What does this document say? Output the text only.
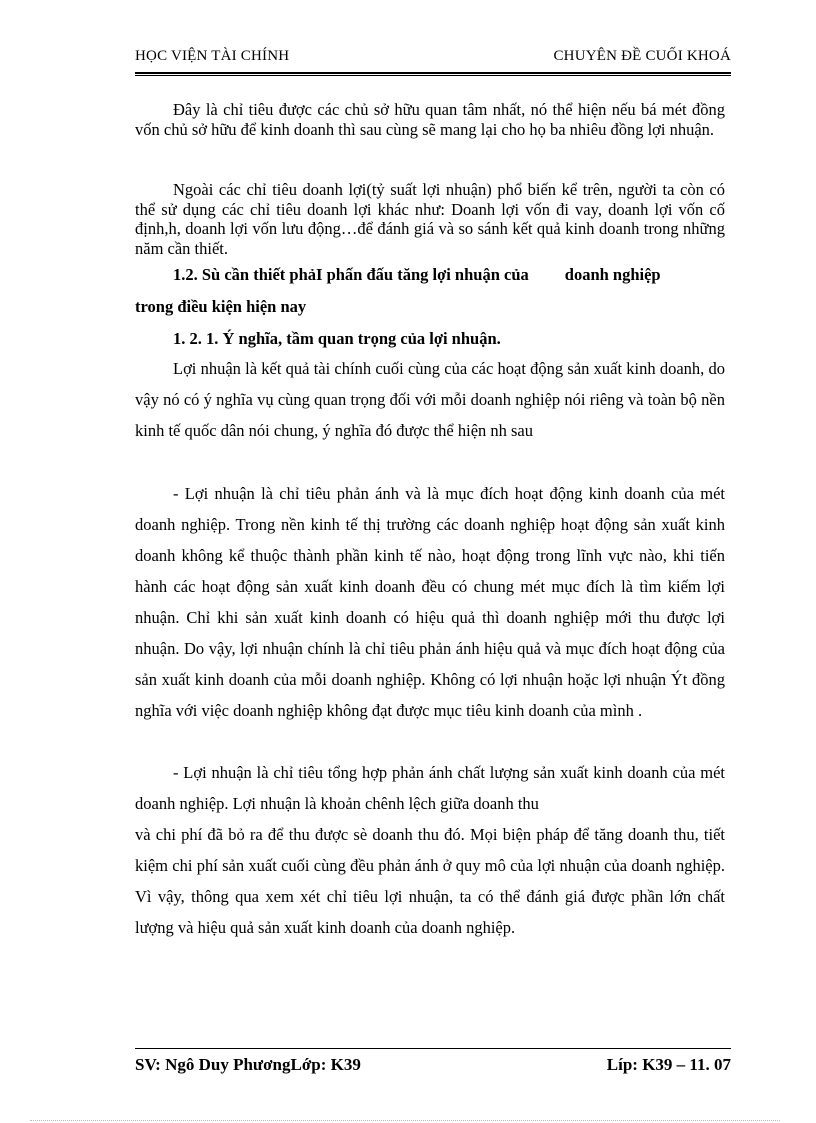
HỌC VIỆN TÀI CHÍNH	CHUYÊN ĐỀ CUỐI KHOÁ
Đây là chỉ tiêu được các chủ sở hữu quan tâm nhất, nó thể hiện nếu bá mét đồng vốn chủ sở hữu để kinh doanh thì sau cùng sẽ mang lại cho họ ba nhiêu đồng lợi nhuận.
Ngoài các chỉ tiêu doanh lợi(tỷ suất lợi nhuận) phổ biến kể trên, người ta còn có thể sử dụng các chỉ tiêu doanh lợi khác như: Doanh lợi vốn đi vay, doanh lợi vốn cố định,h, doanh lợi vốn lưu động…để đánh giá và so sánh kết quả kinh doanh trong những năm cần thiết.
1.2. Sù cần thiết phảI phấn đấu tăng lợi nhuận của doanh nghiệp
trong điều kiện hiện nay
1. 2. 1. Ý nghĩa, tầm quan trọng của lợi nhuận.
Lợi nhuận là kết quả tài chính cuối cùng của các hoạt động sản xuất kinh doanh, do vậy nó có ý nghĩa vụ cùng quan trọng đối với mỗi doanh nghiệp nói riêng và toàn bộ nền kinh tế quốc dân nói chung, ý nghĩa đó được thể hiện nh sau
- Lợi nhuận là chỉ tiêu phản ánh và là mục đích hoạt động kinh doanh của mét doanh nghiệp. Trong nền kinh tế thị trường các doanh nghiệp hoạt động sản xuất kinh doanh không kể thuộc thành phần kinh tế nào, hoạt động trong lĩnh vực nào, khi tiến hành các hoạt động sản xuất kinh doanh đều có chung mét mục đích là tìm kiếm lợi nhuận. Chỉ khi sản xuất kinh doanh có hiệu quả thì doanh nghiệp mới thu được lợi nhuận. Do vậy, lợi nhuận chính là chỉ tiêu phản ánh hiệu quả và mục đích hoạt động của sản xuất kinh doanh của mỗi doanh nghiệp. Không có lợi nhuận hoặc lợi nhuận Ýt đồng nghĩa với việc doanh nghiệp không đạt được mục tiêu kinh doanh của mình .
- Lợi nhuận là chỉ tiêu tổng hợp phản ánh chất lượng sản xuất kinh doanh của mét doanh nghiệp. Lợi nhuận là khoản chênh lệch giữa doanh thu
và chi phí đã bỏ ra để thu được sè doanh thu đó. Mọi biện pháp để tăng doanh thu, tiết kiệm chi phí sản xuất cuối cùng đều phản ánh ở quy mô của lợi nhuận của doanh nghiệp. Vì vậy, thông qua xem xét chỉ tiêu lợi nhuận, ta có thể đánh giá được phần lớn chất lượng và hiệu quả sản xuất kinh doanh của doanh nghiệp.
SV: Ngô Duy PhươngLớp: K39	Líp: K39 – 11. 07
